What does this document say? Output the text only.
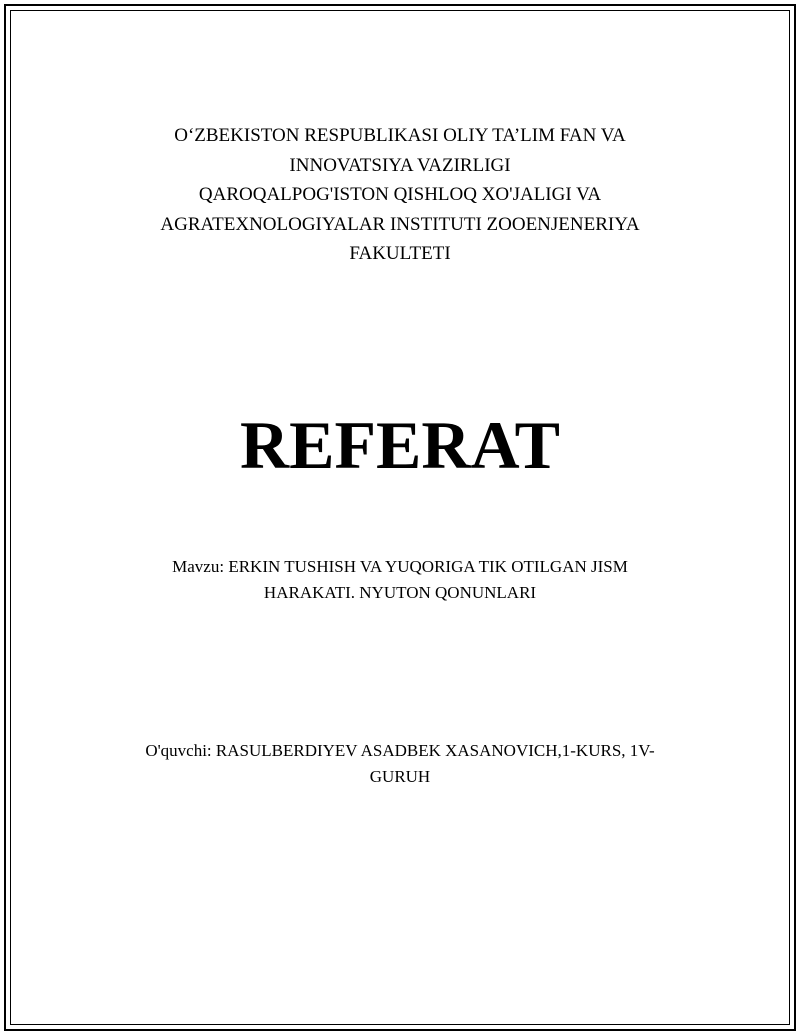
O‘ZBEKISTON RESPUBLIKASI OLIY TA’LIM FAN VA
INNOVATSIYA VAZIRLIGI
QAROQALPOG'ISTON QISHLOQ XO'JALIGI VA
AGRATEXNOLOGIYALAR INSTITUTI ZOOENJENERIYA
FAKULTETI
REFERAT
Mavzu: ERKIN TUSHISH VA YUQORIGA TIK OTILGAN JISM
HARAKATI. NYUTON QONUNLARI
O'quvchi: RASULBERDIYEV ASADBEK XASANOVICH,1-KURS, 1V-
GURUH
